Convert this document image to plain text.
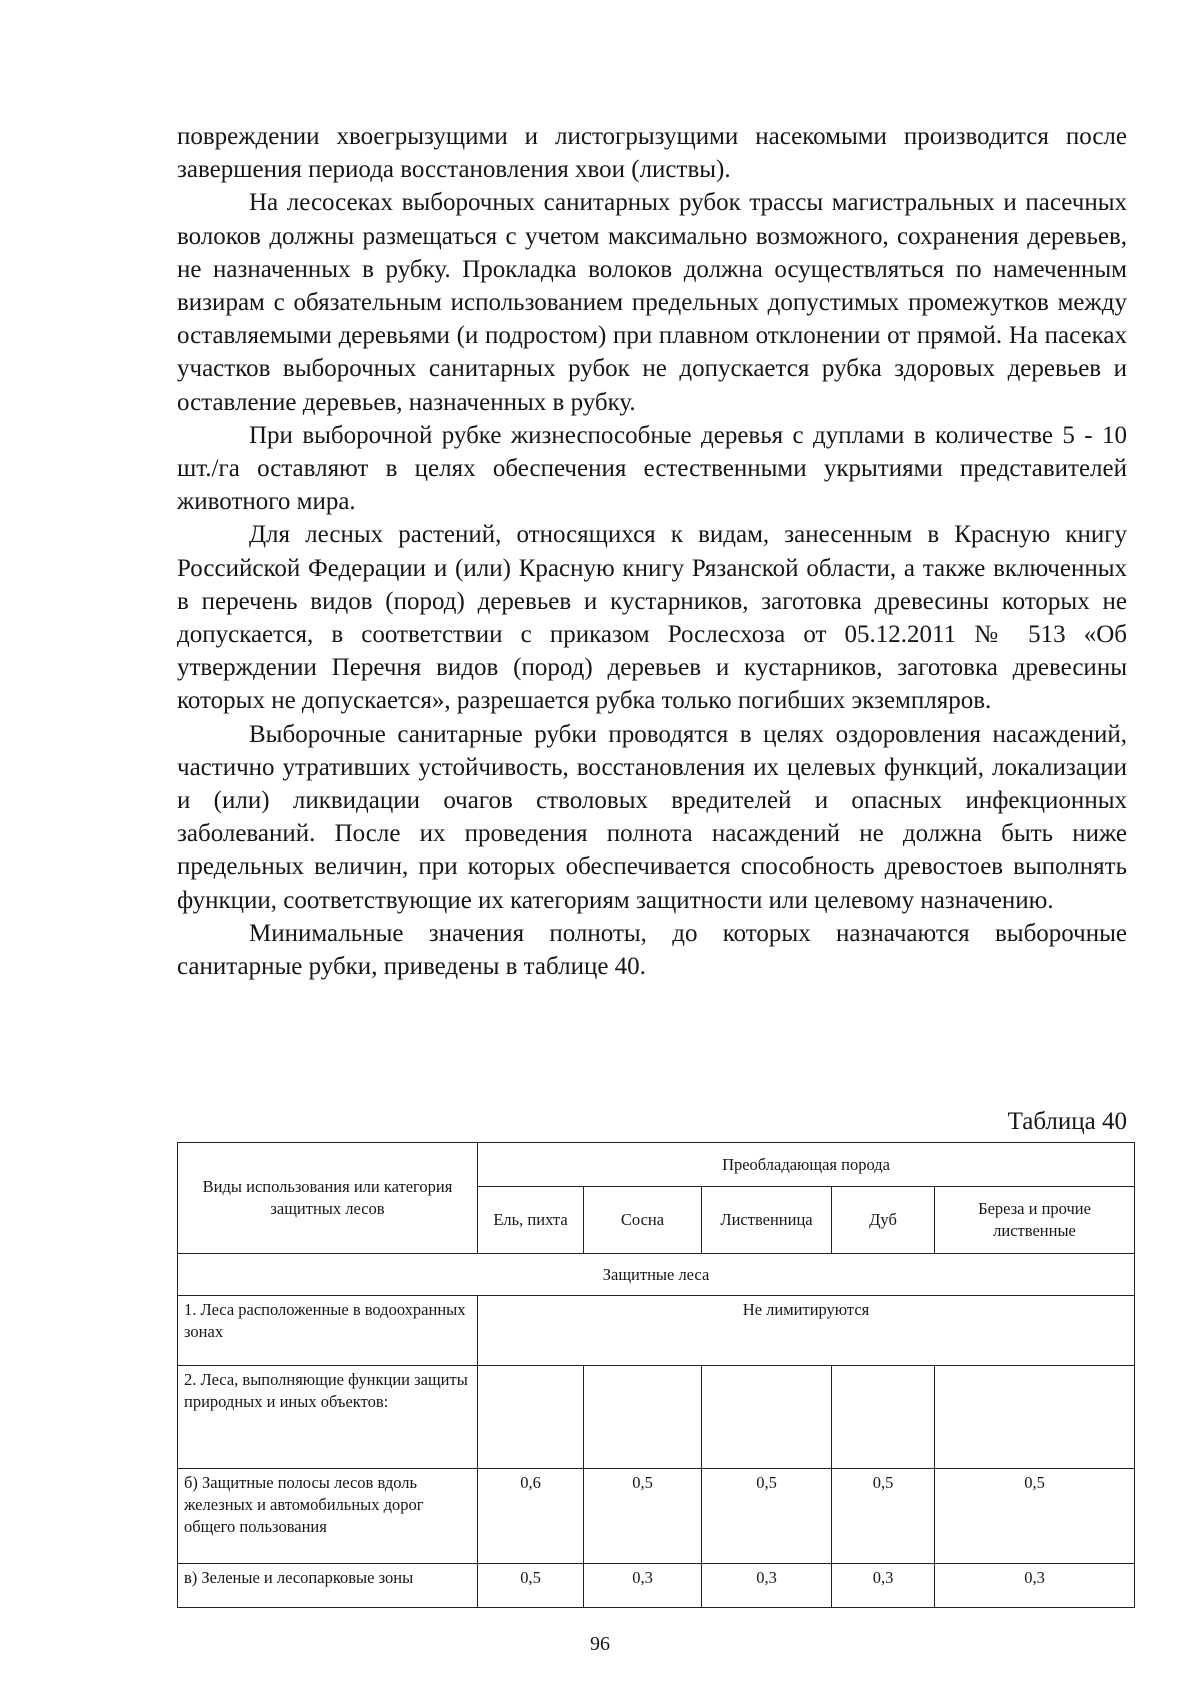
повреждении хвоегрызущими и листогрызущими насекомыми производится после завершения периода восстановления хвои (листвы).

На лесосеках выборочных санитарных рубок трассы магистральных и пасечных волоков должны размещаться с учетом максимально возможного, сохранения деревьев, не назначенных в рубку. Прокладка волоков должна осуществляться по намеченным визирам с обязательным использованием предельных допустимых промежутков между оставляемыми деревьями (и подростом) при плавном отклонении от прямой. На пасеках участков выборочных санитарных рубок не допускается рубка здоровых деревьев и оставление деревьев, назначенных в рубку.

При выборочной рубке жизнеспособные деревья с дуплами в количестве 5 - 10 шт./га оставляют в целях обеспечения естественными укрытиями представителей животного мира.

Для лесных растений, относящихся к видам, занесенным в Красную книгу Российской Федерации и (или) Красную книгу Рязанской области, а также включенных в перечень видов (пород) деревьев и кустарников, заготовка древесины которых не допускается, в соответствии с приказом Рослесхоза от 05.12.2011 № 513 «Об утверждении Перечня видов (пород) деревьев и кустарников, заготовка древесины которых не допускается», разрешается рубка только погибших экземпляров.

Выборочные санитарные рубки проводятся в целях оздоровления насаждений, частично утративших устойчивость, восстановления их целевых функций, локализации и (или) ликвидации очагов стволовых вредителей и опасных инфекционных заболеваний. После их проведения полнота насаждений не должна быть ниже предельных величин, при которых обеспечивается способность древостоев выполнять функции, соответствующие их категориям защитности или целевому назначению.

Минимальные значения полноты, до которых назначаются выборочные санитарные рубки, приведены в таблице 40.

Таблица 40
Виды использования или категория защитных лесов	Преобладающая порода				
	Ель, пихта	Сосна	Лиственница	Дуб	Береза и прочие лиственные
Защитные леса					
1. Леса расположенные в водоохранных зонах	Не лимитируются				
2. Леса, выполняющие функции защиты природных и иных объектов:					
б) Защитные полосы лесов вдоль железных и автомобильных дорог общего пользования	0,6	0,5	0,5	0,5	0,5
в) Зеленые и лесопарковые зоны	0,5	0,3	0,3	0,3	0,3
96
